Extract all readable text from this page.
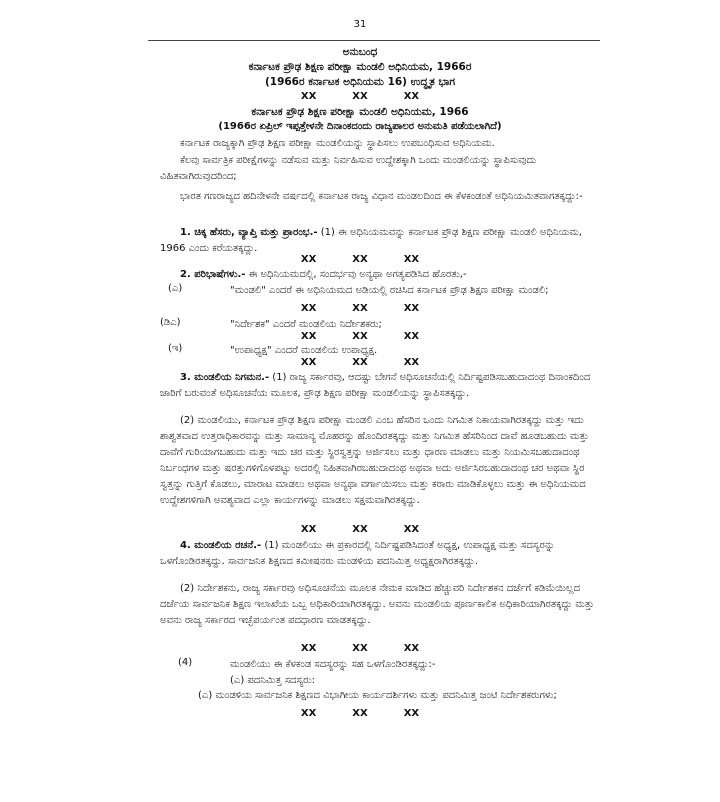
31
ಅನುಬಂಧ
ಕರ್ನಾಟಕ ಪ್ರೌಢ ಶಿಕ್ಷಣ ಪರೀಕ್ಷಾ ಮಂಡಲಿ ಅಧಿನಿಯಮ, 1966ರ
(1966ರ ಕರ್ನಾಟಕ ಅಧಿನಿಯಮ 16) ಉದ್ಧೃತ ಭಾಗ
XX	XX	XX
ಕರ್ನಾಟಕ ಪ್ರೌಢ ಶಿಕ್ಷಣ ಪರೀಕ್ಷಾ ಮಂಡಲಿ ಅಧಿನಿಯಮ, 1966
(1966ರ ಏಪ್ರಿಲ್ ಇಪ್ಪತ್ತೇಳನೇ ದಿನಾಂಕದಂದು ರಾಜ್ಯಪಾಲರ ಅನುಮತಿ ಪಡೆಯಲಾಗಿದೆ)
ಕರ್ನಾಟಕ ರಾಜ್ಯಕ್ಕಾಗಿ ಪ್ರೌಢ ಶಿಕ್ಷಣ ಪರೀಕ್ಷಾ ಮಂಡಲಿಯನ್ನು ಸ್ಥಾಪಿಸಲು ಉಪಬಂಧಿಸುವ ಅಧಿನಿಯಮ.
ಕೆಲವು ಸಾರ್ವತ್ರಿಕ ಪರೀಕ್ಷೆಗಳನ್ನು ನಡೆಸುವ ಮತ್ತು ನಿರ್ವಹಿಸುವ ಉದ್ದೇಶಕ್ಕಾಗಿ ಒಂದು ಮಂಡಲಿಯನ್ನು ಸ್ಥಾಪಿಸುವುದು ವಿಹಿತವಾಗಿರುವುದರಿಂದ;
ಭಾರತ ಗಣರಾಜ್ಯದ ಹದಿನೇಳನೇ ವರ್ಷದಲ್ಲಿ ಕರ್ನಾಟಕ ರಾಜ್ಯ ವಿಧಾನ ಮಂಡಲದಿಂದ ಈ ಕೆಳಕಂಡಂತೆ ಅಧಿನಿಯಮಿತವಾಗತಕ್ಕದ್ದು:-
1. ಚಿಕ್ಕ ಹೆಸರು, ವ್ಯಾಪ್ತಿ ಮತ್ತು ಪ್ರಾರಂಭ.- (1) ಈ ಅಧಿನಿಯಮವನ್ನು ಕರ್ನಾಟಕ ಪ್ರೌಢ ಶಿಕ್ಷಣ ಪರೀಕ್ಷಾ ಮಂಡಲಿ ಅಧಿನಿಯಮ, 1966 ಎಂದು ಕರೆಯತಕ್ಕದ್ದು.
XX	XX	XX
2. ಪರಿಭಾಷೆಗಳು.- ಈ ಅಧಿನಿಯಮದಲ್ಲಿ, ಸಂದರ್ಭವು ಅನ್ಯಥಾ ಅಗತ್ಯಪಡಿಸಿದ ಹೊರತು,-
(ಎ)	"ಮಂಡಲಿ" ಎಂದರೆ ಈ ಅಧಿನಿಯಮದ ಅಡಿಯಲ್ಲಿ ರಚಿಸಿದ ಕರ್ನಾಟಕ ಪ್ರೌಢ ಶಿಕ್ಷಣ ಪರೀಕ್ಷಾ ಮಂಡಲಿ;
XX	XX	XX
(ಡಿಎ)	"ನಿರ್ದೇಶಕ" ಎಂದರೆ ಮಂಡಲಿಯ ನಿರ್ದೇಶಕರು;
XX	XX	XX
(ಇ)	"ಉಪಾಧ್ಯಕ್ಷ" ಎಂದರೆ ಮಂಡಲಿಯ ಉಪಾಧ್ಯಕ್ಷ.
XX	XX	XX
3. ಮಂಡಲಿಯ ನಿಗಮನ.- (1) ರಾಜ್ಯ ಸರ್ಕಾರವು, ಆದಷ್ಟು ಬೇಗನೆ ಅಧಿಸೂಚನೆಯಲ್ಲಿ ನಿರ್ದಿಷ್ಟಪಡಿಸಬಹುದಾದಂಥ ದಿನಾಂಕದಿಂದ ಜಾರಿಗೆ ಬರುವಂತೆ ಅಧಿಸೂಚನೆಯ ಮೂಲಕ, ಪ್ರೌಢ ಶಿಕ್ಷಣ ಪರೀಕ್ಷಾ ಮಂಡಲಿಯನ್ನು ಸ್ಥಾಪಿಸತಕ್ಕದ್ದು.
(2) ಮಂಡಲಿಯು, ಕರ್ನಾಟಕ ಪ್ರೌಢ ಶಿಕ್ಷಣ ಪರೀಕ್ಷಾ ಮಂಡಲಿ ಎಂಬ ಹೆಸರಿನ ಒಂದು ನಿಗಮಿತ ನಿಕಾಯವಾಗಿರತಕ್ಕದ್ದು ಮತ್ತು ಇದು ಶಾಶ್ವತವಾದ ಉತ್ತರಾಧಿಕಾರವನ್ನು ಮತ್ತು ಸಾಮಾನ್ಯ ಮೊಹರನ್ನು ಹೊಂದಿರತಕ್ಕದ್ದು ಮತ್ತು ನಿಗಮಿತ ಹೆಸರಿನಿಂದ ದಾವೆ ಹೂಡಬಹುದು ಮತ್ತು ದಾವೆಗೆ ಗುರಿಯಾಗಬಹುದು ಮತ್ತು ಇದು ಚರ ಮತ್ತು ಸ್ಥಿರಸ್ವತ್ತನ್ನು ಅರ್ಜಿಸಲು ಮತ್ತು ಧಾರಣ ಮಾಡಲು ಮತ್ತು ನಿಯಮಿಸಬಹುದಾದಂಥ ನಿರ್ಬಂಧಗಳ ಮತ್ತು ಷರತ್ತುಗಳಿಗೊಳಪಟ್ಟು ಅದರಲ್ಲಿ ನಿಹಿತವಾಗಿರಬಹುದಾದಂಥ ಅಥವಾ ಅದು ಅರ್ಜಿಸಿರಬಹುದಾದಂಥ ಚರ ಅಥವಾ ಸ್ಥಿರ ಸ್ವತ್ತನ್ನು ಗುತ್ತಿಗೆ ಕೊಡಲು, ಮಾರಾಟ ಮಾಡಲು ಅಥವಾ ಅನ್ಯಥಾ ವರ್ಗಾಯಿಸಲು ಮತ್ತು ಕರಾರು ಮಾಡಿಕೊಳ್ಳಲು ಮತ್ತು ಈ ಅಧಿನಿಯಮದ ಉದ್ದೇಶಗಳಿಗಾಗಿ ಅವಶ್ಯವಾದ ಎಲ್ಲಾ ಕಾರ್ಯಗಳನ್ನು ಮಾಡಲು ಸಕ್ಷಮವಾಗಿರತಕ್ಕದ್ದು.
XX	XX	XX
4. ಮಂಡಲಿಯ ರಚನೆ.- (1) ಮಂಡಲಿಯು ಈ ಪ್ರಕಾರದಲ್ಲಿ ನಿರ್ದಿಷ್ಟಪಡಿಸಿದಂತೆ ಅಧ್ಯಕ್ಷ, ಉಪಾಧ್ಯಕ್ಷ ಮತ್ತು ಸದಸ್ಯರನ್ನು ಒಳಗೊಂಡಿರತಕ್ಕದ್ದು. ಸಾರ್ವಜನಿಕ ಶಿಕ್ಷಣದ ಕಮೀಷನರು ಮಂಡಳಿಯ ಪದನಿಮಿತ್ತ ಅಧ್ಯಕ್ಷರಾಗಿರತಕ್ಕದ್ದು.
(2) ನಿರ್ದೇಶಕನು, ರಾಜ್ಯ ಸರ್ಕಾರವು ಅಧಿಸೂಚನೆಯ ಮೂಲಕ ನೇಮಕ ಮಾಡಿದ ಹೆಚ್ಚುವರಿ ನಿರ್ದೇಶಕನ ದರ್ಜೆಗೆ ಕಡಿಮೆಯಿಲ್ಲದ ದರ್ಜೆಯ ಸಾರ್ವಜನಿಕ ಶಿಕ್ಷಣ ಇಲಾಖೆಯ ಒಬ್ಬ ಅಧಿಕಾರಿಯಾಗಿರತಕ್ಕದ್ದು. ಅವನು ಮಂಡಲಿಯ ಪೂರ್ಣಕಾಲಿಕ ಅಧಿಕಾರಿಯಾಗಿರತಕ್ಕದ್ದು ಮತ್ತು ಅವನು ರಾಜ್ಯ ಸರ್ಕಾರದ ಇಚ್ಛೆಪರ್ಯಂತ ಪದಧಾರಣ ಮಾಡತಕ್ಕದ್ದು.
XX	XX	XX
(4)	ಮಂಡಲಿಯು ಈ ಕೆಳಕಂಡ ಸದಸ್ಯರನ್ನು ಸಹ ಒಳಗೊಂಡಿರತಕ್ಕದ್ದು:-
(ಎ) ಪದನಿಮಿತ್ತ ಸದಸ್ಯರು:
(ಎ) ಮಂಡಳಿಯ ಸಾರ್ವಜನಿಕ ಶಿಕ್ಷಣದ ವಿಭಾಗೀಯ ಕಾರ್ಯದರ್ಶಿಗಳು ಮತ್ತು ಪದನಿಮಿತ್ತ ಜಂಟಿ ನಿರ್ದೇಶಕರುಗಳು;
XX	XX	XX
